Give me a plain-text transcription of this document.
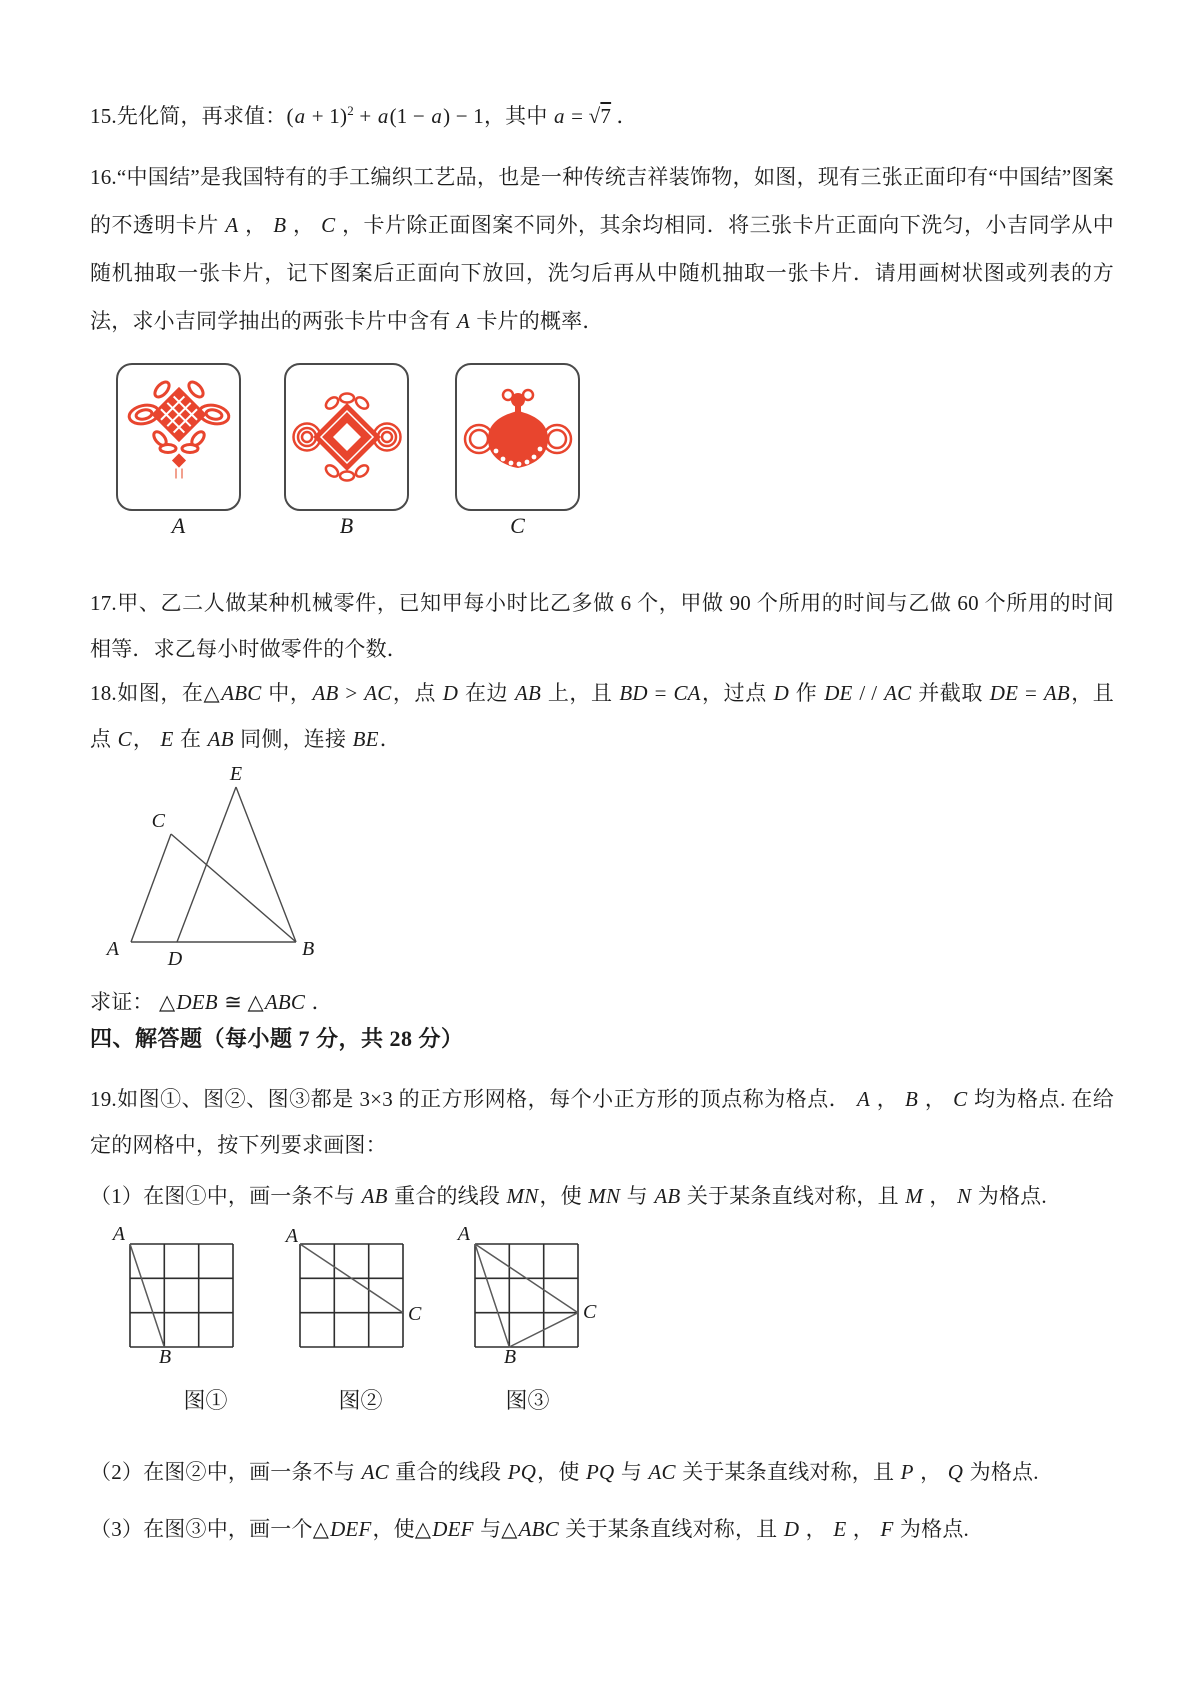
15.先化简，再求值：$(a + 1)^2 + a(1 - a) - 1$，其中 a = √7 ．
16.“中国结”是我国特有的手工编织工艺品，也是一种传统吉祥装饰物，如图，现有三张正面印有“中国结”图案的不透明卡片 A ， B ， C ，卡片除正面图案不同外，其余均相同．将三张卡片正面向下洗匀，小吉同学从中随机抽取一张卡片，记下图案后正面向下放回，洗匀后再从中随机抽取一张卡片．请用画树状图或列表的方法，求小吉同学抽出的两张卡片中含有 A 卡片的概率．
A	B	C
17.甲、乙二人做某种机械零件，已知甲每小时比乙多做 6 个，甲做 90 个所用的时间与乙做 60 个所用的时间相等．求乙每小时做零件的个数．
18.如图，在△ABC 中，AB > AC，点 D 在边 AB 上，且 BD = CA，过点 D 作 DE / / AC 并截取 DE = AB，且点 C， E 在 AB 同侧，连接 BE．
A	B
C
D
E
求证： △DEB ≅ △ABC ．
四、解答题（每小题 7 分，共 28 分）
19.如图①、图②、图③都是 3×3 的正方形网格，每个小正方形的顶点称为格点． A ， B ， C 均为格点. 在给定的网格中，按下列要求画图：
（1）在图①中，画一条不与 AB 重合的线段 MN，使 MN 与 AB 关于某条直线对称，且 M ， N 为格点.
A
B
A
C
A
B
C
图①	图②	图③
（2）在图②中，画一条不与 AC 重合的线段 PQ，使 PQ 与 AC 关于某条直线对称，且 P ， Q 为格点.
（3）在图③中，画一个△DEF，使△DEF 与△ABC 关于某条直线对称，且 D ， E ， F 为格点.
